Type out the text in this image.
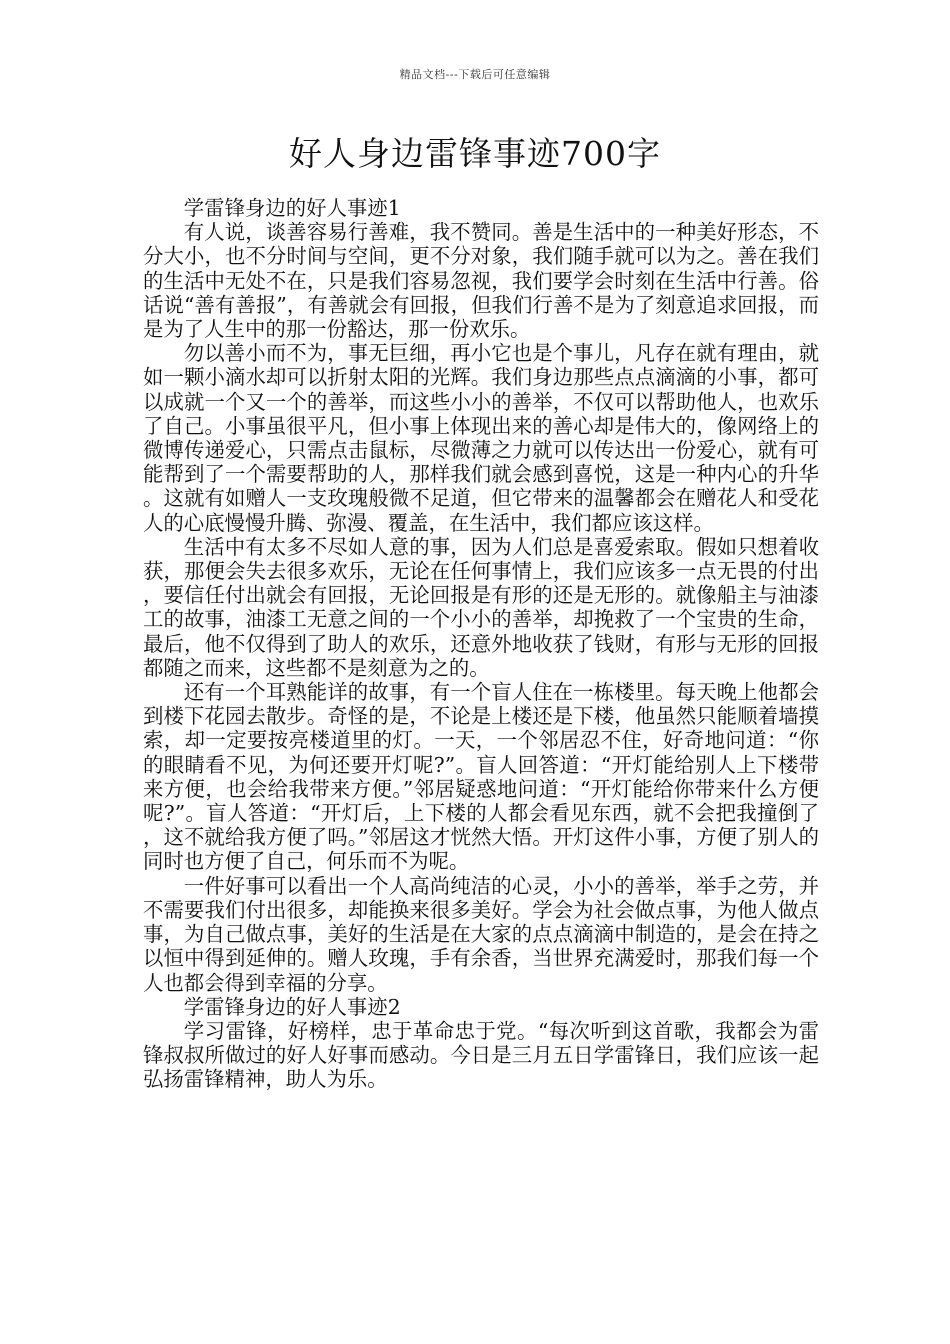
精品文档---下载后可任意编辑
好人身边雷锋事迹700字

学雷锋身边的好人事迹1

有人说，谈善容易行善难，我不赞同。善是生活中的一种美好形态，不分大小，也不分时间与空间，更不分对象，我们随手就可以为之。善在我们的生活中无处不在，只是我们容易忽视，我们要学会时刻在生活中行善。俗话说“善有善报”，有善就会有回报，但我们行善不是为了刻意追求回报，而是为了人生中的那一份豁达，那一份欢乐。

勿以善小而不为，事无巨细，再小它也是个事儿，凡存在就有理由，就如一颗小滴水却可以折射太阳的光辉。我们身边那些点点滴滴的小事，都可以成就一个又一个的善举，而这些小小的善举，不仅可以帮助他人，也欢乐了自己。小事虽很平凡，但小事上体现出来的善心却是伟大的，像网络上的微博传递爱心，只需点击鼠标，尽微薄之力就可以传达出一份爱心，就有可能帮到了一个需要帮助的人，那样我们就会感到喜悦，这是一种内心的升华。这就有如赠人一支玫瑰般微不足道，但它带来的温馨都会在赠花人和受花人的心底慢慢升腾、弥漫、覆盖，在生活中，我们都应该这样。

生活中有太多不尽如人意的事，因为人们总是喜爱索取。假如只想着收获，那便会失去很多欢乐，无论在任何事情上，我们应该多一点无畏的付出，要信任付出就会有回报，无论回报是有形的还是无形的。就像船主与油漆工的故事，油漆工无意之间的一个小小的善举，却挽救了一个宝贵的生命，最后，他不仅得到了助人的欢乐，还意外地收获了钱财，有形与无形的回报都随之而来，这些都不是刻意为之的。

还有一个耳熟能详的故事，有一个盲人住在一栋楼里。每天晚上他都会到楼下花园去散步。奇怪的是，不论是上楼还是下楼，他虽然只能顺着墙摸索，却一定要按亮楼道里的灯。一天，一个邻居忍不住，好奇地问道：“你的眼睛看不见，为何还要开灯呢?”。盲人回答道：“开灯能给别人上下楼带来方便，也会给我带来方便。”邻居疑惑地问道：“开灯能给你带来什么方便呢?”。盲人答道：“开灯后，上下楼的人都会看见东西，就不会把我撞倒了，这不就给我方便了吗。”邻居这才恍然大悟。开灯这件小事，方便了别人的同时也方便了自己，何乐而不为呢。

一件好事可以看出一个人高尚纯洁的心灵，小小的善举，举手之劳，并不需要我们付出很多，却能换来很多美好。学会为社会做点事，为他人做点事，为自己做点事，美好的生活是在大家的点点滴滴中制造的，是会在持之以恒中得到延伸的。赠人玫瑰，手有余香，当世界充满爱时，那我们每一个人也都会得到幸福的分享。

学雷锋身边的好人事迹2

学习雷锋，好榜样，忠于革命忠于党。“每次听到这首歌，我都会为雷锋叔叔所做过的好人好事而感动。今日是三月五日学雷锋日，我们应该一起弘扬雷锋精神，助人为乐。
